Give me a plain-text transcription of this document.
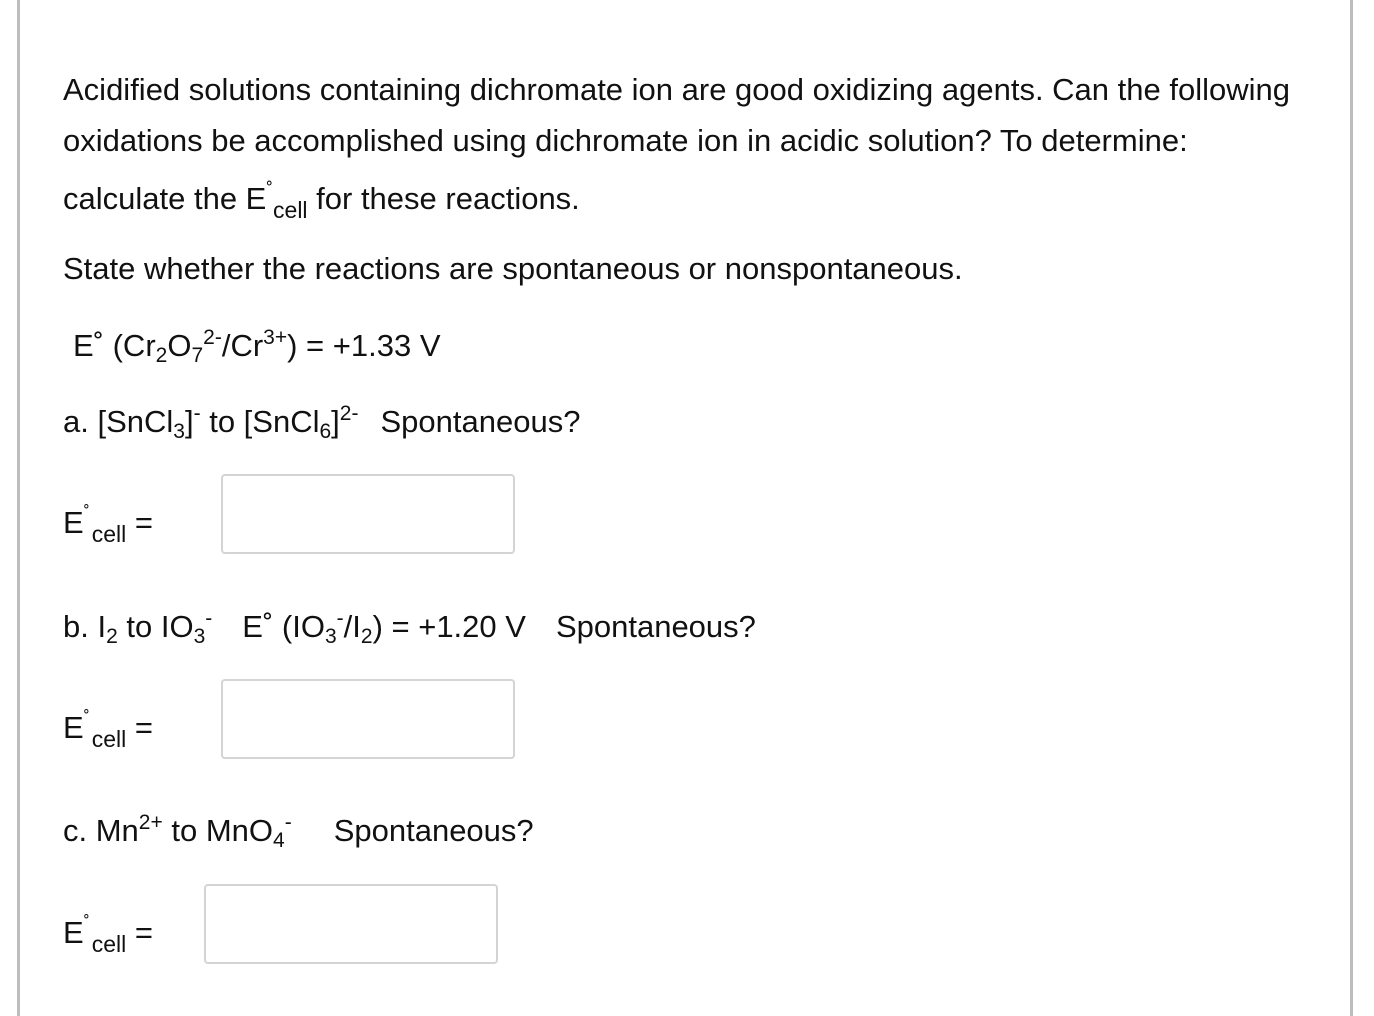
Acidified solutions containing dichromate ion are good oxidizing agents. Can the following oxidations be accomplished using dichromate ion in acidic solution? To determine: calculate the $E^˚_{cell}$ for these reactions.

State whether the reactions are spontaneous or nonspontaneous.
E˚ $(Cr_2O_7^{2-}/Cr^{3+}) = +1.33$ V
a. [SnCl$_3$]- to [SnCl$_6$]$^{2-}$ Spontaneous?
$E^˚_{cell}$ =
b. $I_2$ to $IO_3^-$ E˚ $(IO_3^-/I_2) = +1.20$ V Spontaneous?
$E^˚_{cell}$ =
c. $Mn^{2+}$ to MnO$_4$- Spontaneous?
$E^˚_{cell}$ =
